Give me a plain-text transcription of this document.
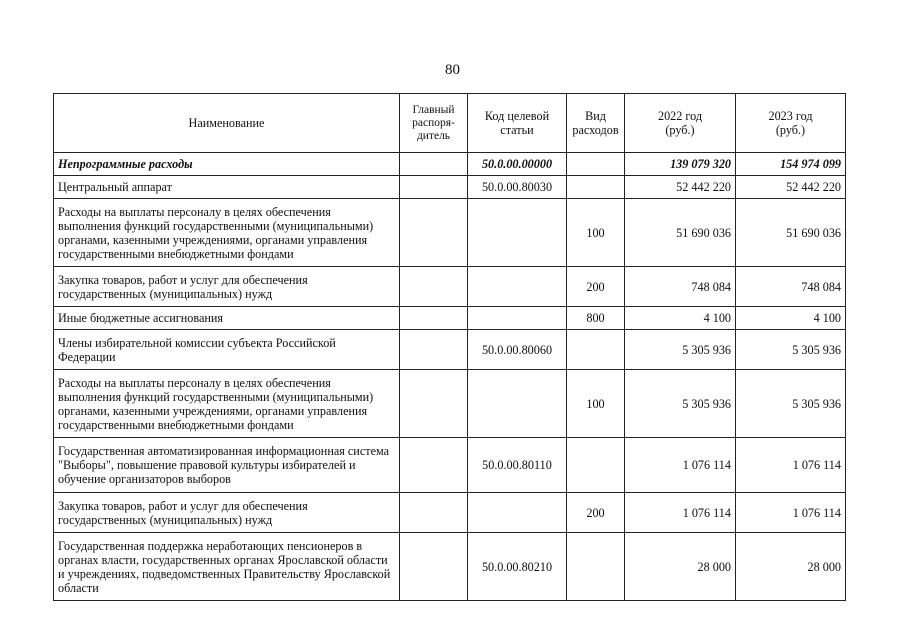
80
Наименование	Главный распоря-дитель	Код целевой статьи	Вид расходов	2022 год (руб.)	2023 год (руб.)
Непрограммные расходы		50.0.00.00000		139 079 320	154 974 099
Центральный аппарат		50.0.00.80030		52 442 220	52 442 220
Расходы на выплаты персоналу в целях обеспечения выполнения функций государственными (муниципальными) органами, казенными учреждениями, органами управления государственными внебюджетными фондами			100	51 690 036	51 690 036
Закупка товаров, работ и услуг для обеспечения государственных (муниципальных) нужд			200	748 084	748 084
Иные бюджетные ассигнования			800	4 100	4 100
Члены избирательной комиссии субъекта Российской Федерации		50.0.00.80060		5 305 936	5 305 936
Расходы на выплаты персоналу в целях обеспечения выполнения функций государственными (муниципальными) органами, казенными учреждениями, органами управления государственными внебюджетными фондами			100	5 305 936	5 305 936
Государственная автоматизированная информационная система "Выборы", повышение правовой культуры избирателей и обучение организаторов выборов		50.0.00.80110		1 076 114	1 076 114
Закупка товаров, работ и услуг для обеспечения государственных (муниципальных) нужд			200	1 076 114	1 076 114
Государственная поддержка неработающих пенсионеров в органах власти, государственных органах Ярославской области и учреждениях, подведомственных Правительству Ярославской области		50.0.00.80210		28 000	28 000
